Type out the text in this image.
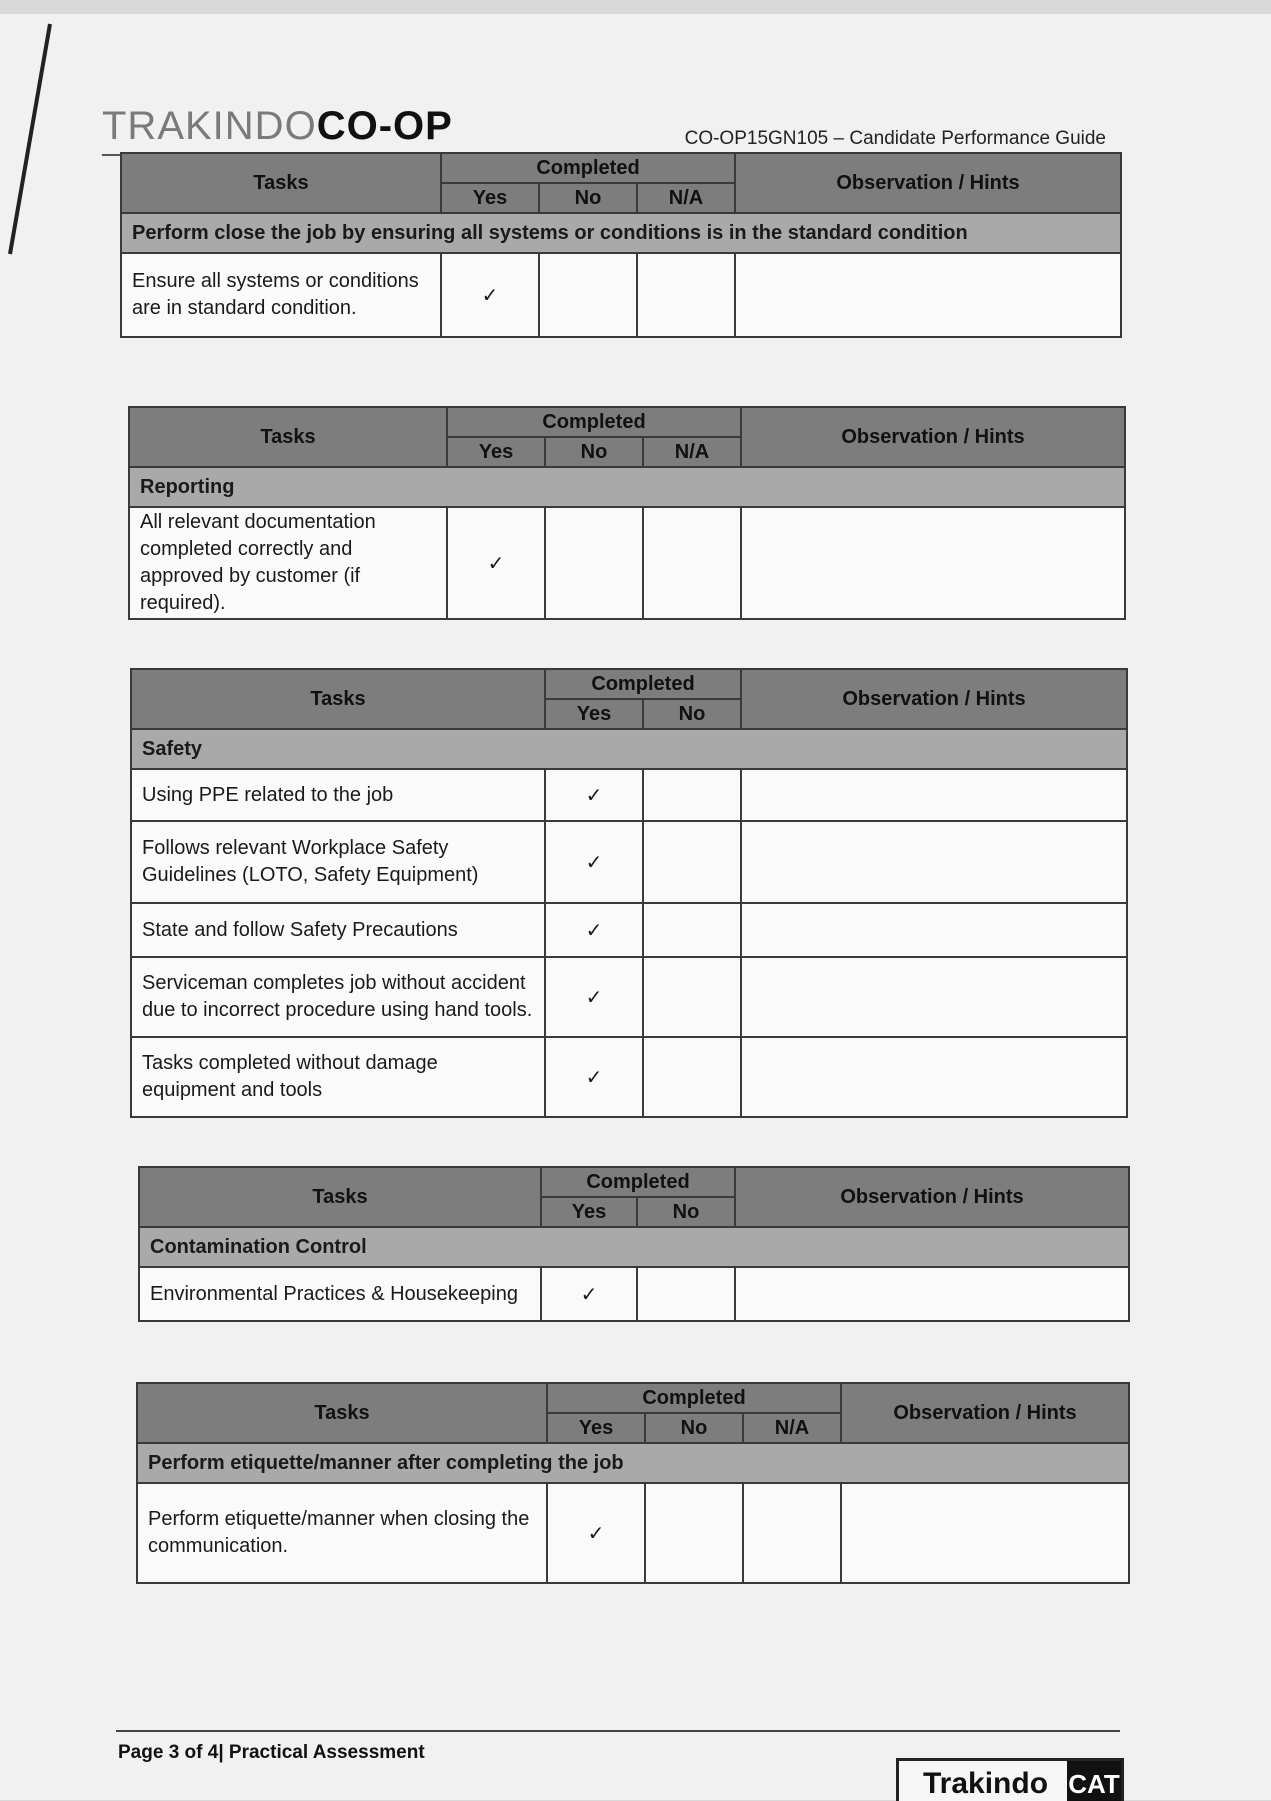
TRAKINDOCO-OP	CO-OP15GN105 – Candidate Performance Guide
Tasks	Completed			Observation / Hints
	Yes	No	N/A	
Perform close the job by ensuring all systems or conditions is in the standard condition				
Ensure all systems or conditions are in standard condition.	✓			
Tasks	Completed			Observation / Hints
	Yes	No	N/A	
Reporting				
All relevant documentation completed correctly and approved by customer (if required).	✓			
Tasks	Completed		Observation / Hints
	Yes	No	
Safety			
Using PPE related to the job	✓		
Follows relevant Workplace Safety Guidelines (LOTO, Safety Equipment)	✓		
State and follow Safety Precautions	✓		
Serviceman completes job without accident due to incorrect procedure using hand tools.	✓		
Tasks completed without damage equipment and tools	✓		
Tasks	Completed		Observation / Hints
	Yes	No	
Contamination Control			
Environmental Practices & Housekeeping	✓		
Tasks	Completed			Observation / Hints
	Yes	No	N/A	
Perform etiquette/manner after completing the job				
Perform etiquette/manner when closing the communication.	✓			
Page 3 of 4| Practical Assessment
Trakindo CAT
